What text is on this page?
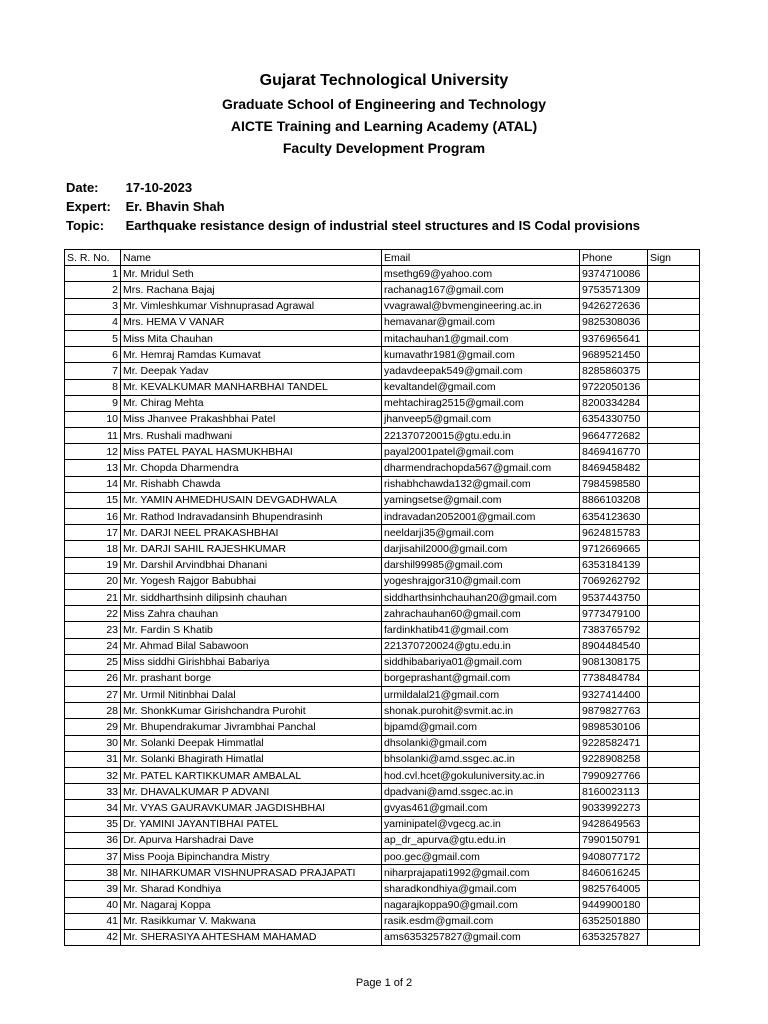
Gujarat Technological University
Graduate School of Engineering and Technology
AICTE Training and Learning Academy (ATAL)
Faculty Development Program
Date: 17-10-2023
Expert: Er. Bhavin Shah
Topic: Earthquake resistance design of industrial steel structures and IS Codal provisions
S. R. No.	Name	Email	Phone	Sign
1	Mr. Mridul Seth	msethg69@yahoo.com	9374710086	
2	Mrs. Rachana Bajaj	rachanag167@gmail.com	9753571309	
3	Mr. Vimleshkumar Vishnuprasad Agrawal	vvagrawal@bvmengineering.ac.in	9426272636	
4	Mrs. HEMA V VANAR	hemavanar@gmail.com	9825308036	
5	Miss Mita Chauhan	mitachauhan1@gmail.com	9376965641	
6	Mr. Hemraj Ramdas Kumavat	kumavathr1981@gmail.com	9689521450	
7	Mr. Deepak Yadav	yadavdeepak549@gmail.com	8285860375	
8	Mr. KEVALKUMAR MANHARBHAI TANDEL	kevaltandel@gmail.com	9722050136	
9	Mr. Chirag Mehta	mehtachirag2515@gmail.com	8200334284	
10	Miss Jhanvee Prakashbhai Patel	jhanveep5@gmail.com	6354330750	
11	Mrs. Rushali madhwani	221370720015@gtu.edu.in	9664772682	
12	Miss PATEL PAYAL HASMUKHBHAI	payal2001patel@gmail.com	8469416770	
13	Mr. Chopda Dharmendra	dharmendrachopda567@gmail.com	8469458482	
14	Mr. Rishabh Chawda	rishabhchawda132@gmail.com	7984598580	
15	Mr. YAMIN AHMEDHUSAIN DEVGADHWALA	yamingsetse@gmail.com	8866103208	
16	Mr. Rathod Indravadansinh Bhupendrasinh	indravadan2052001@gmail.com	6354123630	
17	Mr. DARJI NEEL PRAKASHBHAI	neeldarji35@gmail.com	9624815783	
18	Mr. DARJI SAHIL RAJESHKUMAR	darjisahil2000@gmail.com	9712669665	
19	Mr. Darshil Arvindbhai Dhanani	darshil99985@gmail.com	6353184139	
20	Mr. Yogesh Rajgor Babubhai	yogeshrajgor310@gmail.com	7069262792	
21	Mr. siddharthsinh dilipsinh chauhan	siddharthsinhchauhan20@gmail.com	9537443750	
22	Miss Zahra chauhan	zahrachauhan60@gmail.com	9773479100	
23	Mr. Fardin S Khatib	fardinkhatib41@gmail.com	7383765792	
24	Mr. Ahmad Bilal Sabawoon	221370720024@gtu.edu.in	8904484540	
25	Miss siddhi Girishbhai Babariya	siddhibabariya01@gmail.com	9081308175	
26	Mr. prashant borge	borgeprashant@gmail.com	7738484784	
27	Mr. Urmil Nitinbhai Dalal	urmildalal21@gmail.com	9327414400	
28	Mr. ShonkKumar Girishchandra Purohit	shonak.purohit@svmit.ac.in	9879827763	
29	Mr. Bhupendrakumar Jivrambhai Panchal	bjpamd@gmail.com	9898530106	
30	Mr. Solanki Deepak Himmatlal	dhsolanki@gmail.com	9228582471	
31	Mr. Solanki Bhagirath Himatlal	bhsolanki@amd.ssgec.ac.in	9228908258	
32	Mr. PATEL KARTIKKUMAR AMBALAL	hod.cvl.hcet@gokuluniversity.ac.in	7990927766	
33	Mr. DHAVALKUMAR P ADVANI	dpadvani@amd.ssgec.ac.in	8160023113	
34	Mr. VYAS GAURAVKUMAR JAGDISHBHAI	gvyas461@gmail.com	9033992273	
35	Dr. YAMINI JAYANTIBHAI PATEL	yaminipatel@vgecg.ac.in	9428649563	
36	Dr. Apurva Harshadrai Dave	ap_dr_apurva@gtu.edu.in	7990150791	
37	Miss Pooja Bipinchandra Mistry	poo.gec@gmail.com	9408077172	
38	Mr. NIHARKUMAR VISHNUPRASAD PRAJAPATI	niharprajapati1992@gmail.com	8460616245	
39	Mr. Sharad Kondhiya	sharadkondhiya@gmail.com	9825764005	
40	Mr. Nagaraj Koppa	nagarajkoppa90@gmail.com	9449900180	
41	Mr. Rasikkumar V. Makwana	rasik.esdm@gmail.com	6352501880	
42	Mr. SHERASIYA AHTESHAM MAHAMAD	ams6353257827@gmail.com	6353257827	
Page 1 of 2
